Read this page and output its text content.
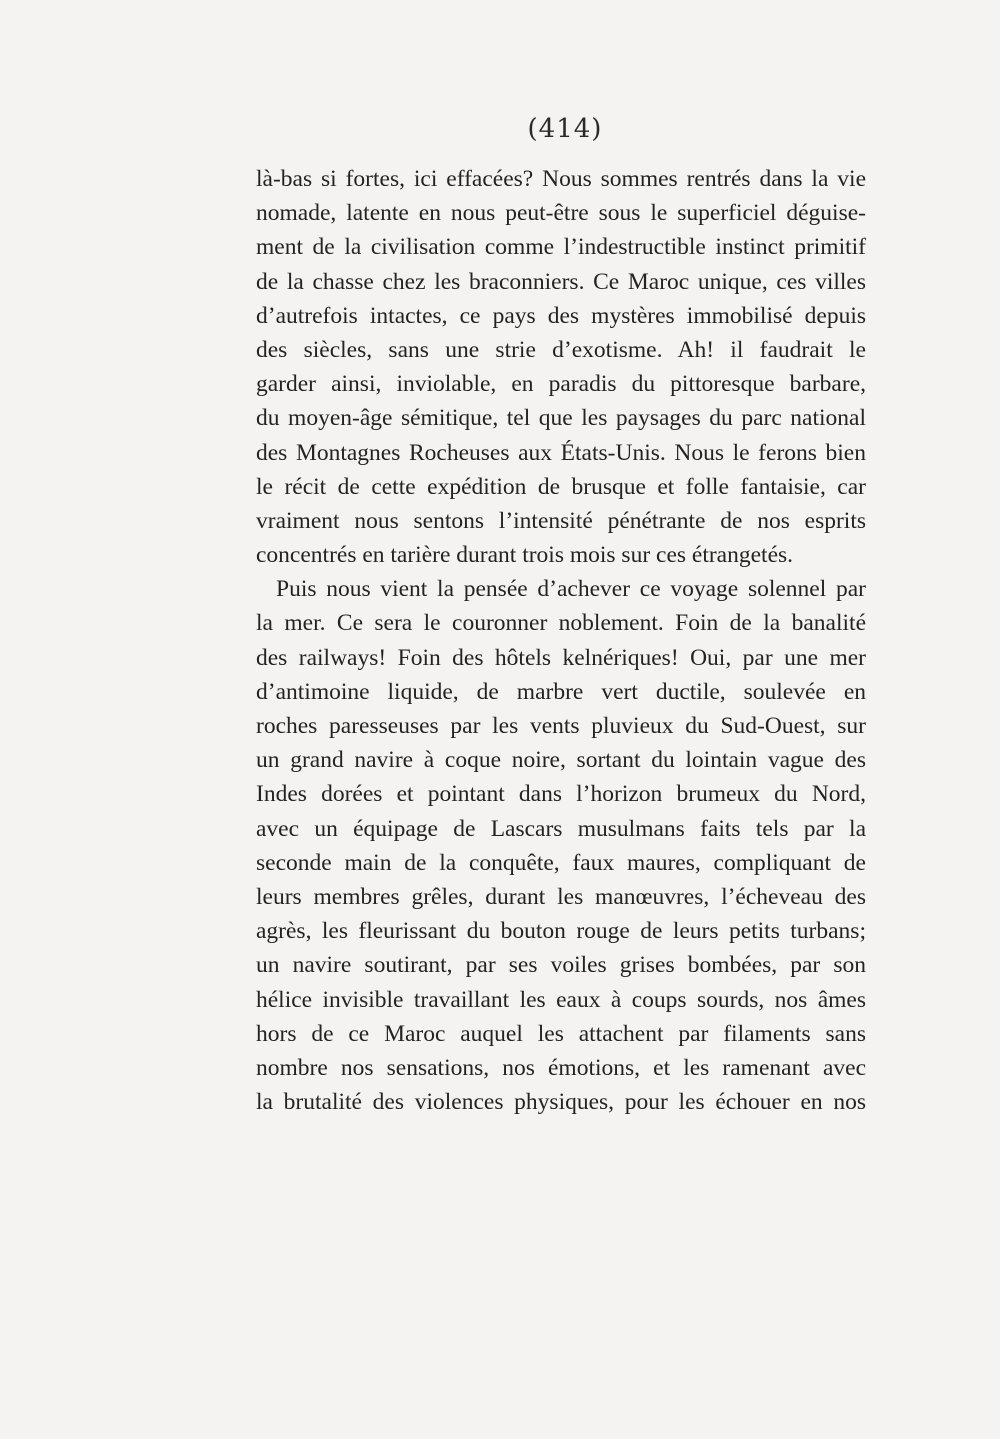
(414)
là-bas si fortes, ici effacées? Nous sommes rentrés dans la vie
nomade, latente en nous peut-être sous le superficiel déguise-
ment de la civilisation comme l’indestructible instinct primitif
de la chasse chez les braconniers. Ce Maroc unique, ces villes
d’autrefois intactes, ce pays des mystères immobilisé depuis
des siècles, sans une strie d’exotisme. Ah! il faudrait le
garder ainsi, inviolable, en paradis du pittoresque barbare,
du moyen-âge sémitique, tel que les paysages du parc national
des Montagnes Rocheuses aux États-Unis. Nous le ferons bien
le récit de cette expédition de brusque et folle fantaisie, car
vraiment nous sentons l’intensité pénétrante de nos esprits
concentrés en tarière durant trois mois sur ces étrangetés.
Puis nous vient la pensée d’achever ce voyage solennel par
la mer. Ce sera le couronner noblement. Foin de la banalité
des railways! Foin des hôtels kelnériques! Oui, par une mer
d’antimoine liquide, de marbre vert ductile, soulevée en
roches paresseuses par les vents pluvieux du Sud-Ouest, sur
un grand navire à coque noire, sortant du lointain vague des
Indes dorées et pointant dans l’horizon brumeux du Nord,
avec un équipage de Lascars musulmans faits tels par la
seconde main de la conquête, faux maures, compliquant de
leurs membres grêles, durant les manœuvres, l’écheveau des
agrès, les fleurissant du bouton rouge de leurs petits turbans;
un navire soutirant, par ses voiles grises bombées, par son
hélice invisible travaillant les eaux à coups sourds, nos âmes
hors de ce Maroc auquel les attachent par filaments sans
nombre nos sensations, nos émotions, et les ramenant avec
la brutalité des violences physiques, pour les échouer en nos
